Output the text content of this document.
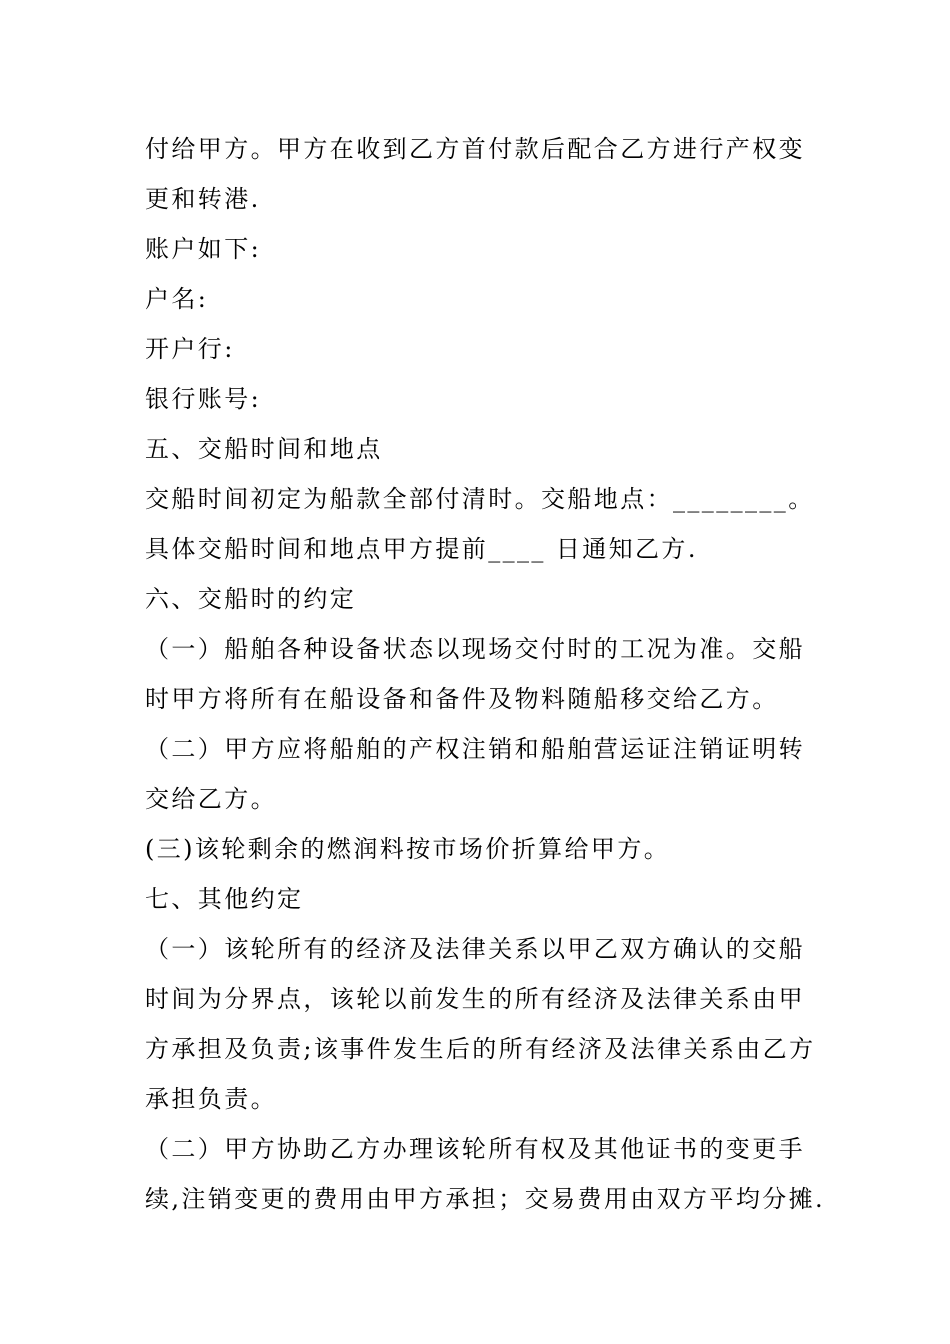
付给甲方。甲方在收到乙方首付款后配合乙方进行产权变
更和转港.
账户如下:
户名:
开户行:
银行账号:
五、交船时间和地点
交船时间初定为船款全部付清时。交船地点：________。
具体交船时间和地点甲方提前____ 日通知乙方.
六、交船时的约定
（一）船舶各种设备状态以现场交付时的工况为准。交船
时甲方将所有在船设备和备件及物料随船移交给乙方。
（二）甲方应将船舶的产权注销和船舶营运证注销证明转
交给乙方。
(三)该轮剩余的燃润料按市场价折算给甲方。
七、其他约定
（一）该轮所有的经济及法律关系以甲乙双方确认的交船
时间为分界点，该轮以前发生的所有经济及法律关系由甲
方承担及负责;该事件发生后的所有经济及法律关系由乙方
承担负责。
（二）甲方协助乙方办理该轮所有权及其他证书的变更手
续,注销变更的费用由甲方承担；交易费用由双方平均分摊.
